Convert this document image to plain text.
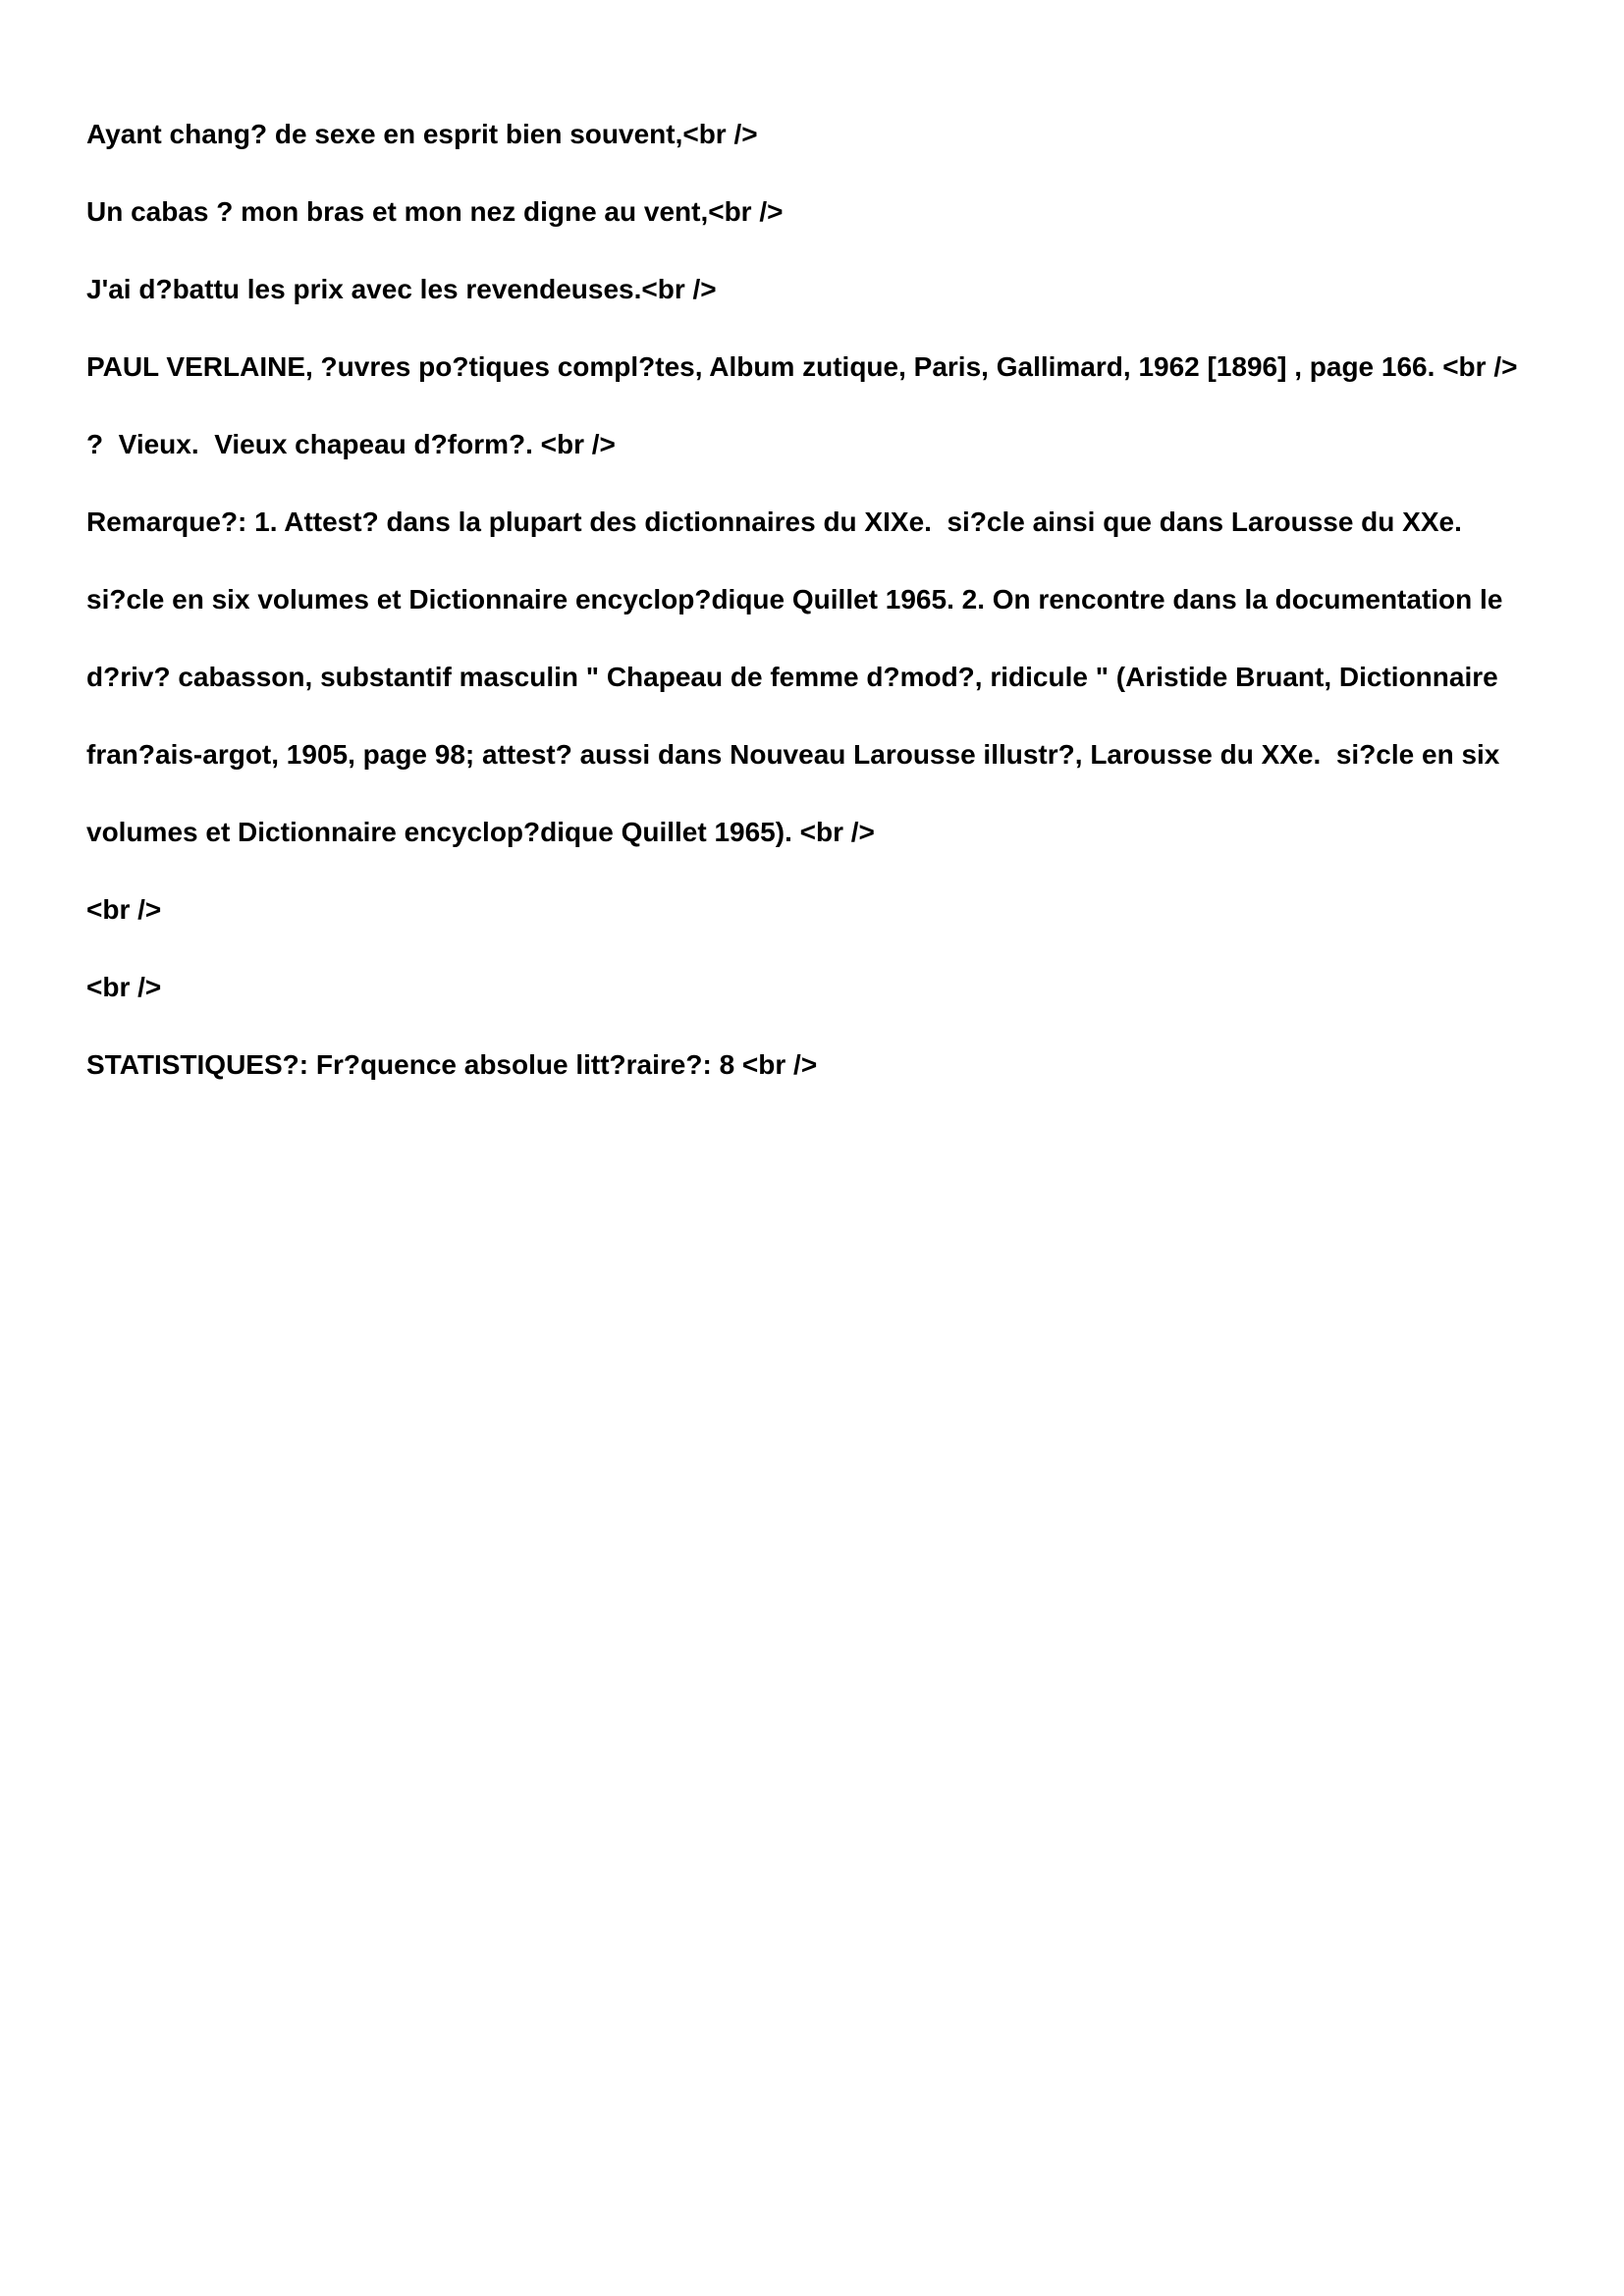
Ayant chang? de sexe en esprit bien souvent,<br />

Un cabas ? mon bras et mon nez digne au vent,<br />

J'ai d?battu les prix avec les revendeuses.<br />

PAUL VERLAINE, ?uvres po?tiques compl?tes, Album zutique, Paris, Gallimard, 1962 [1896] , page 166. <br />

?  Vieux.  Vieux chapeau d?form?. <br />

Remarque?: 1. Attest? dans la plupart des dictionnaires du XIXe.  si?cle ainsi que dans Larousse du XXe.

si?cle en six volumes et Dictionnaire encyclop?dique Quillet 1965. 2. On rencontre dans la documentation le

d?riv? cabasson, substantif masculin " Chapeau de femme d?mod?, ridicule " (Aristide Bruant, Dictionnaire

fran?ais-argot, 1905, page 98; attest? aussi dans Nouveau Larousse illustr?, Larousse du XXe.  si?cle en six

volumes et Dictionnaire encyclop?dique Quillet 1965). <br />

<br />

<br />

STATISTIQUES?: Fr?quence absolue litt?raire?: 8 <br />
